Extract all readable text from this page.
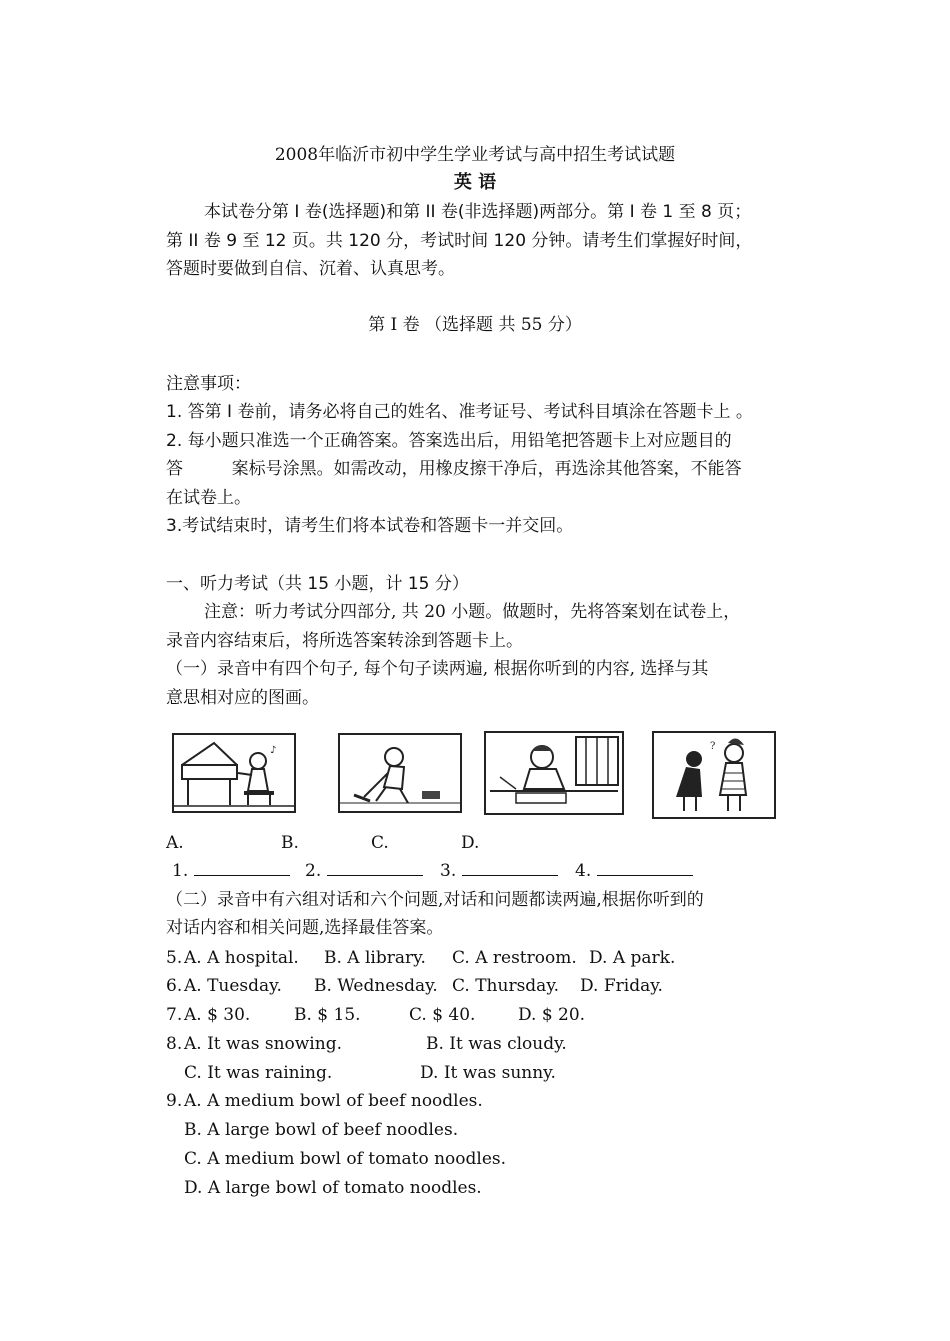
2008年临沂市初中学生学业考试与高中招生考试试题
英 语
本试卷分第 I 卷(选择题)和第 II 卷(非选择题)两部分。第 I 卷 1 至 8 页；
第 II 卷 9 至 12 页。共 120 分，考试时间 120 分钟。请考生们掌握好时间，
答题时要做到自信、沉着、认真思考。
第 I 卷 （选择题 共 55 分）
注意事项：
1. 答第 I 卷前，请务必将自己的姓名、准考证号、考试科目填涂在答题卡上 。
2. 每小题只准选一个正确答案。答案选出后，用铅笔把答题卡上对应题目的
答         案标号涂黑。如需改动，用橡皮擦干净后，再选涂其他答案，不能答
在试卷上。
3.考试结束时，请考生们将本试卷和答题卡一并交回。
一、听力考试（共 15 小题，计 15 分）
注意：听力考试分四部分, 共 20 小题。做题时，先将答案划在试卷上，
录音内容结束后，将所选答案转涂到答题卡上。
（一）录音中有四个句子, 每个句子读两遍, 根据你听到的内容, 选择与其
意思相对应的图画。
♪	?
A.	B.	C.	D.
1.	2.	3.	4.
（二）录音中有六组对话和六个问题,对话和问题都读两遍,根据你听到的
对话内容和相关问题,选择最佳答案。
5. A. A hospital. B. A library. C. A restroom. D. A park.
6. A. Tuesday. B. Wednesday. C. Thursday. D. Friday.
7. A. $ 30.	B. $ 15.	C. $ 40.	D. $ 20.
8. A. It was snowing.	B. It was cloudy.
C. It was raining.	D. It was sunny.
9. A. A medium bowl of beef noodles.
B. A large bowl of beef noodles.
C. A medium bowl of tomato noodles.
D. A large bowl of tomato noodles.
